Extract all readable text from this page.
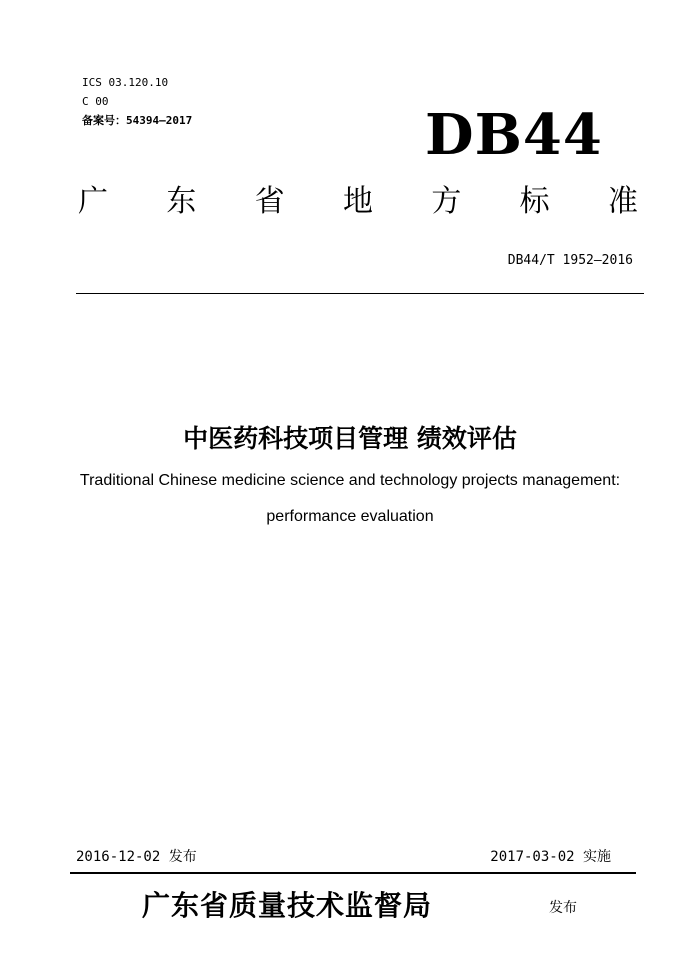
ICS 03.120.10
C 00
备案号：54394—2017	DB44
广 东 省 地 方 标 准
DB44/T 1952—2016
中医药科技项目管理 绩效评估
Traditional Chinese medicine science and technology projects management:
performance evaluation
2016-12-02 发布	2017-03-02 实施
广东省质量技术监督局	发布
